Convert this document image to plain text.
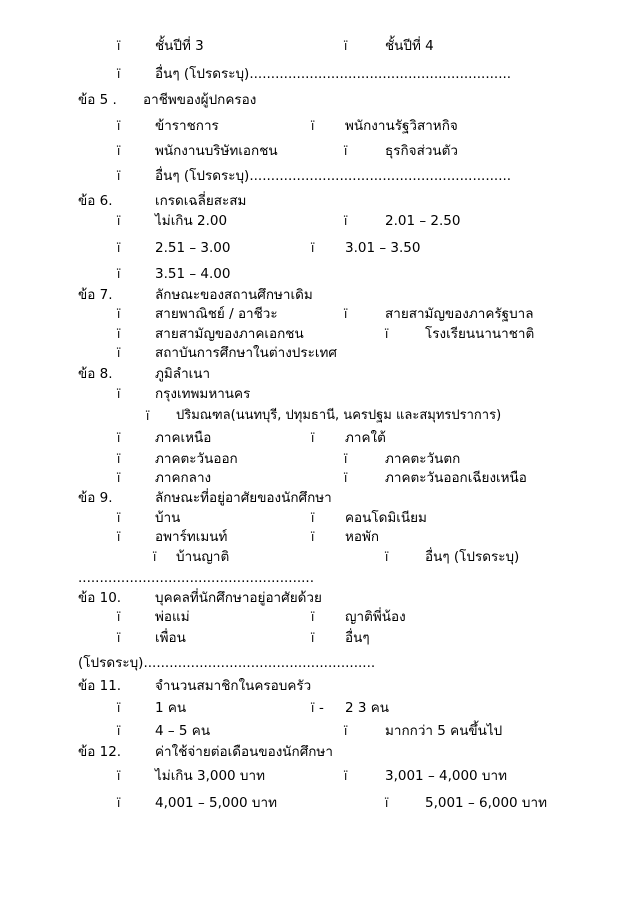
ï	ชั้นปีที่ 3	ï	ชั้นปีที่ 4
ï	อื่นๆ (โปรดระบุ).............................................................
ข้อ 5 . อาชีพของผู้ปกครอง
ï	ข้าราชการ	ï พนักงานรัฐวิสาหกิจ
ï	พนักงานบริษัทเอกชน	ï	ธุรกิจส่วนตัว
ï	อื่นๆ (โปรดระบุ).............................................................
ข้อ 6.	เกรดเฉลี่ยสะสม
ï	ไม่เกิน 2.00	ï	2.01 – 2.50
ï	2.51 – 3.00	ï 3.01 – 3.50
ï	3.51 – 4.00
ข้อ 7.	ลักษณะของสถานศึกษาเดิม
ï	สายพาณิชย์ / อาชีวะ	ï	สายสามัญของภาครัฐบาล
ï	สายสามัญของภาคเอกชน	ï	โรงเรียนนานาชาติ
ï	สถาบันการศึกษาในต่างประเทศ
ข้อ 8.	ภูมิลำเนา
ï	กรุงเทพมหานคร
ï ปริมณฑล(นนทบุรี, ปทุมธานี, นครปฐม และสมุทรปราการ)
ï	ภาคเหนือ	ï ภาคใต้
ï	ภาคตะวันออก	ï	ภาคตะวันตก
ï	ภาคกลาง	ï	ภาคตะวันออกเฉียงเหนือ
ข้อ 9.	ลักษณะที่อยู่อาศัยของนักศึกษา
ï	บ้าน	ï คอนโดมิเนียม
ï	อพาร์ทเมนท์	ï หอพัก
ï บ้านญาติ	ï	อื่นๆ (โปรดระบุ)
.......................................................
ข้อ 10.	บุคคลที่นักศึกษาอยู่อาศัยด้วย
ï	พ่อแม่	ï ญาติพี่น้อง
ï	เพื่อน	ï อื่นๆ
(โปรดระบุ)......................................................
ข้อ 11.	จำนวนสมาชิกในครอบครัว
ï	1 คน	ï - 2 3 คน
ï	4 – 5 คน	ï	มากกว่า 5 คนขึ้นไป
ข้อ 12.	ค่าใช้จ่ายต่อเดือนของนักศึกษา
ï	ไม่เกิน 3,000 บาท	ï	3,001 – 4,000 บาท
ï	4,001 – 5,000 บาท	ï	5,001 – 6,000 บาท
